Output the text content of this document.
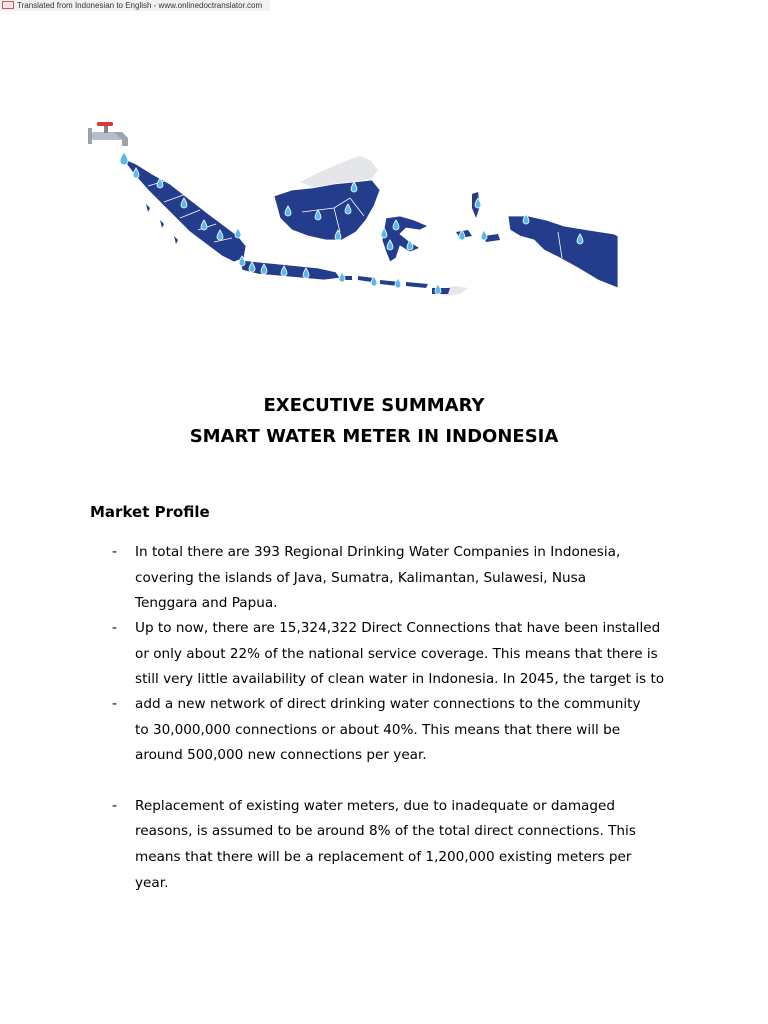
Translated from Indonesian to English - www.onlinedoctranslator.com
EXECUTIVE SUMMARY
SMART WATER METER IN INDONESIA
Market Profile
- In total there are 393 Regional Drinking Water Companies in Indonesia,
covering the islands of Java, Sumatra, Kalimantan, Sulawesi, Nusa
Tenggara and Papua.
- Up to now, there are 15,324,322 Direct Connections that have been installed
or only about 22% of the national service coverage. This means that there is
still very little availability of clean water in Indonesia. In 2045, the target is to
- add a new network of direct drinking water connections to the community
to 30,000,000 connections or about 40%. This means that there will be
around 500,000 new connections per year.
- Replacement of existing water meters, due to inadequate or damaged
reasons, is assumed to be around 8% of the total direct connections. This
means that there will be a replacement of 1,200,000 existing meters per
year.
